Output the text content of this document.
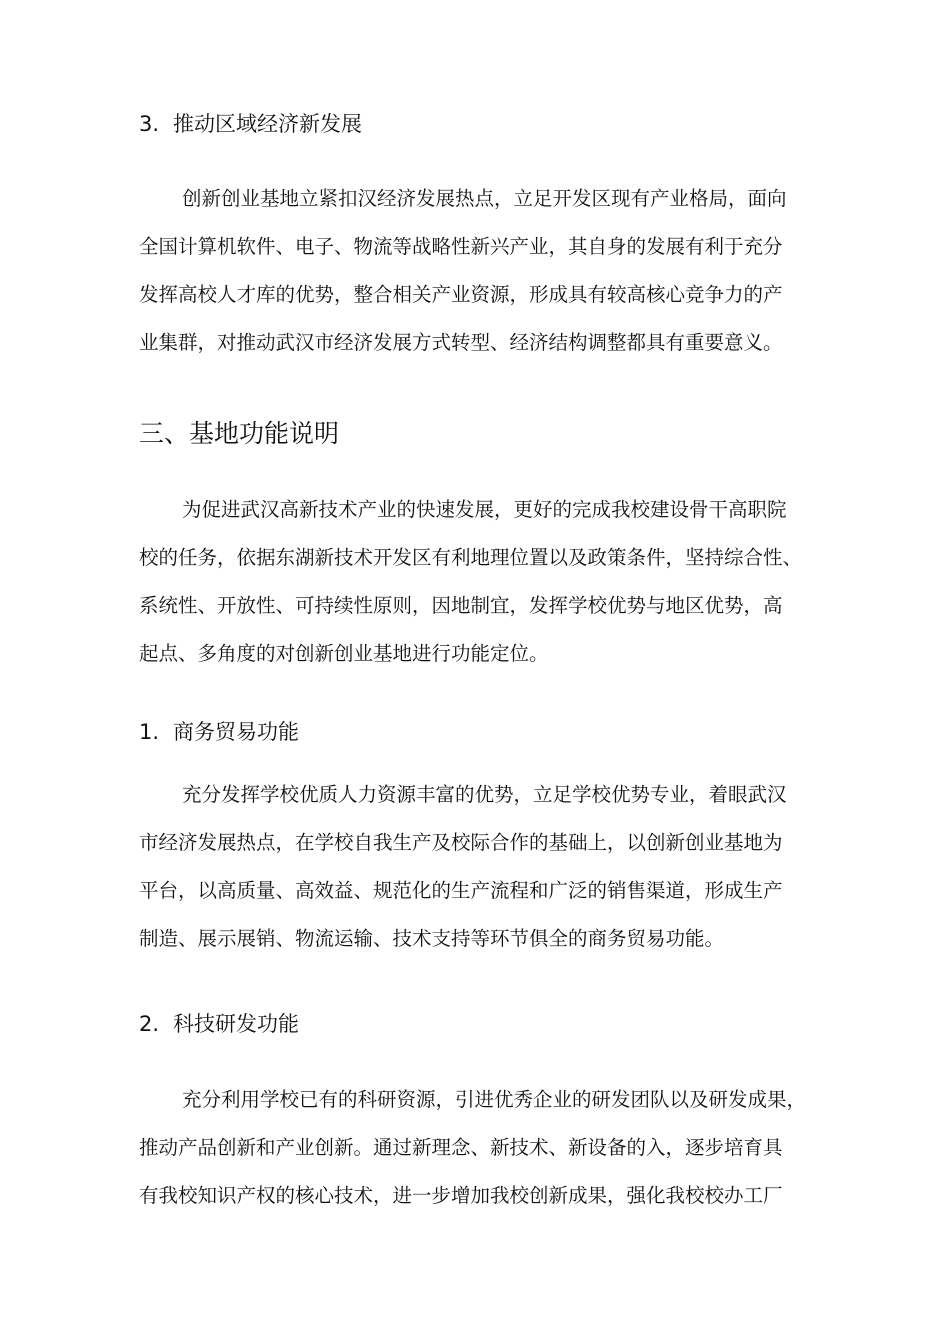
3. 推动区域经济新发展
创新创业基地立紧扣汉经济发展热点，立足开发区现有产业格局，面向
全国计算机软件、电子、物流等战略性新兴产业，其自身的发展有利于充分
发挥高校人才库的优势，整合相关产业资源，形成具有较高核心竞争力的产
业集群，对推动武汉市经济发展方式转型、经济结构调整都具有重要意义。
三、基地功能说明
为促进武汉高新技术产业的快速发展，更好的完成我校建设骨干高职院
校的任务，依据东湖新技术开发区有利地理位置以及政策条件，坚持综合性、
系统性、开放性、可持续性原则，因地制宜，发挥学校优势与地区优势，高
起点、多角度的对创新创业基地进行功能定位。
1. 商务贸易功能
充分发挥学校优质人力资源丰富的优势，立足学校优势专业，着眼武汉
市经济发展热点，在学校自我生产及校际合作的基础上，以创新创业基地为
平台，以高质量、高效益、规范化的生产流程和广泛的销售渠道，形成生产
制造、展示展销、物流运输、技术支持等环节俱全的商务贸易功能。
2. 科技研发功能
充分利用学校已有的科研资源，引进优秀企业的研发团队以及研发成果，
推动产品创新和产业创新。通过新理念、新技术、新设备的入，逐步培育具
有我校知识产权的核心技术，进一步增加我校创新成果，强化我校校办工厂
